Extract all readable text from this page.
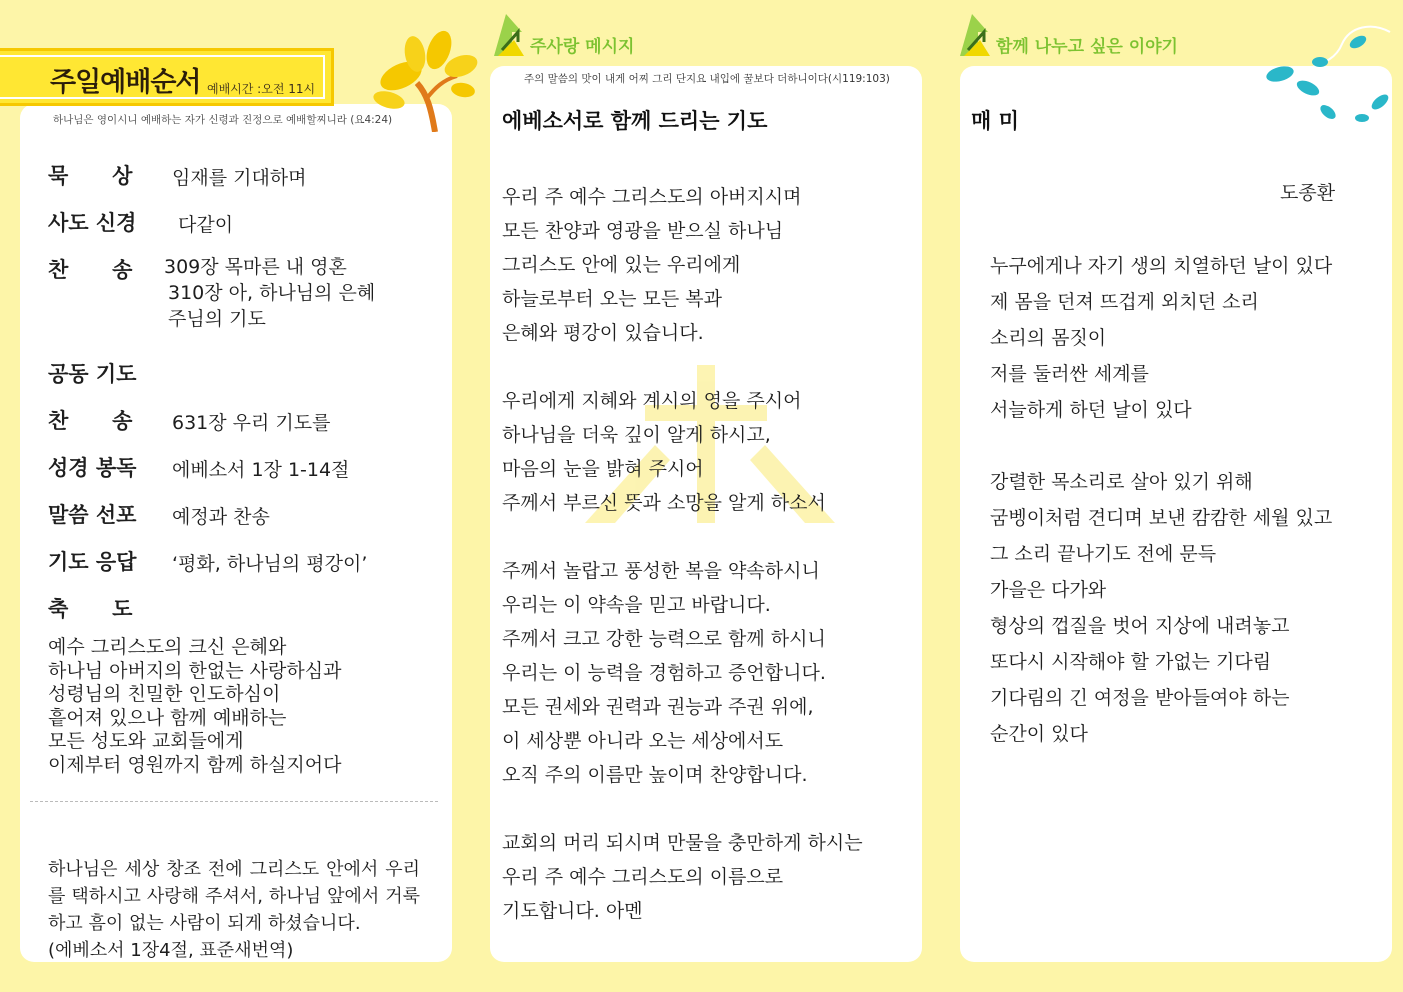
주일예배순서 예배시간 :오전 11시
하나님은 영이시니 예배하는 자가 신령과 진정으로 예배할찌니라 (요4:24)
묵      상	임재를 기대하며
사도 신경	다같이
찬      송	309장 목마른 내 영혼
310장 아, 하나님의 은혜
주님의 기도
공동 기도
찬      송	631장 우리 기도를
성경 봉독	에베소서 1장 1-14절
말씀 선포	예정과 찬송
기도 응답	‘평화, 하나님의 평강이’
축      도
예수 그리스도의 크신 은혜와
하나님 아버지의 한없는 사랑하심과
성령님의 친밀한 인도하심이
흩어져 있으나 함께 예배하는
모든 성도와 교회들에게
이제부터 영원까지 함께 하실지어다
하나님은 세상 창조 전에 그리스도 안에서 우리를 택하시고 사랑해 주셔서, 하나님 앞에서 거룩하고 흠이 없는 사람이 되게 하셨습니다.
(에베소서 1장4절, 표준새번역)
주사랑 메시지
주의 말씀의 맛이 내게 어찌 그리 단지요 내입에 꿀보다 더하니이다(시119:103)
에베소서로 함께 드리는 기도
우리 주 예수 그리스도의 아버지시며
모든 찬양과 영광을 받으실 하나님
그리스도 안에 있는 우리에게
하늘로부터 오는 모든 복과
은혜와 평강이 있습니다.

우리에게 지혜와 계시의 영을 주시어
하나님을 더욱 깊이 알게 하시고,
마음의 눈을 밝혀 주시어
주께서 부르신 뜻과 소망을 알게 하소서

주께서 놀랍고 풍성한 복을 약속하시니
우리는 이 약속을 믿고 바랍니다.
주께서 크고 강한 능력으로 함께 하시니
우리는 이 능력을 경험하고 증언합니다.
모든 권세와 권력과 권능과 주권 위에,
이 세상뿐 아니라 오는 세상에서도
오직 주의 이름만 높이며 찬양합니다.

교회의 머리 되시며 만물을 충만하게 하시는
우리 주 예수 그리스도의 이름으로
기도합니다. 아멘
함께 나누고 싶은 이야기
매 미
도종환
누구에게나 자기 생의 치열하던 날이 있다
제 몸을 던져 뜨겁게 외치던 소리
소리의 몸짓이
저를 둘러싼 세계를
서늘하게 하던 날이 있다

강렬한 목소리로 살아 있기 위해
굼벵이처럼 견디며 보낸 캄캄한 세월 있고
그 소리 끝나기도 전에 문득
가을은 다가와
형상의 껍질을 벗어 지상에 내려놓고
또다시 시작해야 할 가없는 기다림
기다림의 긴 여정을 받아들여야 하는
순간이 있다
